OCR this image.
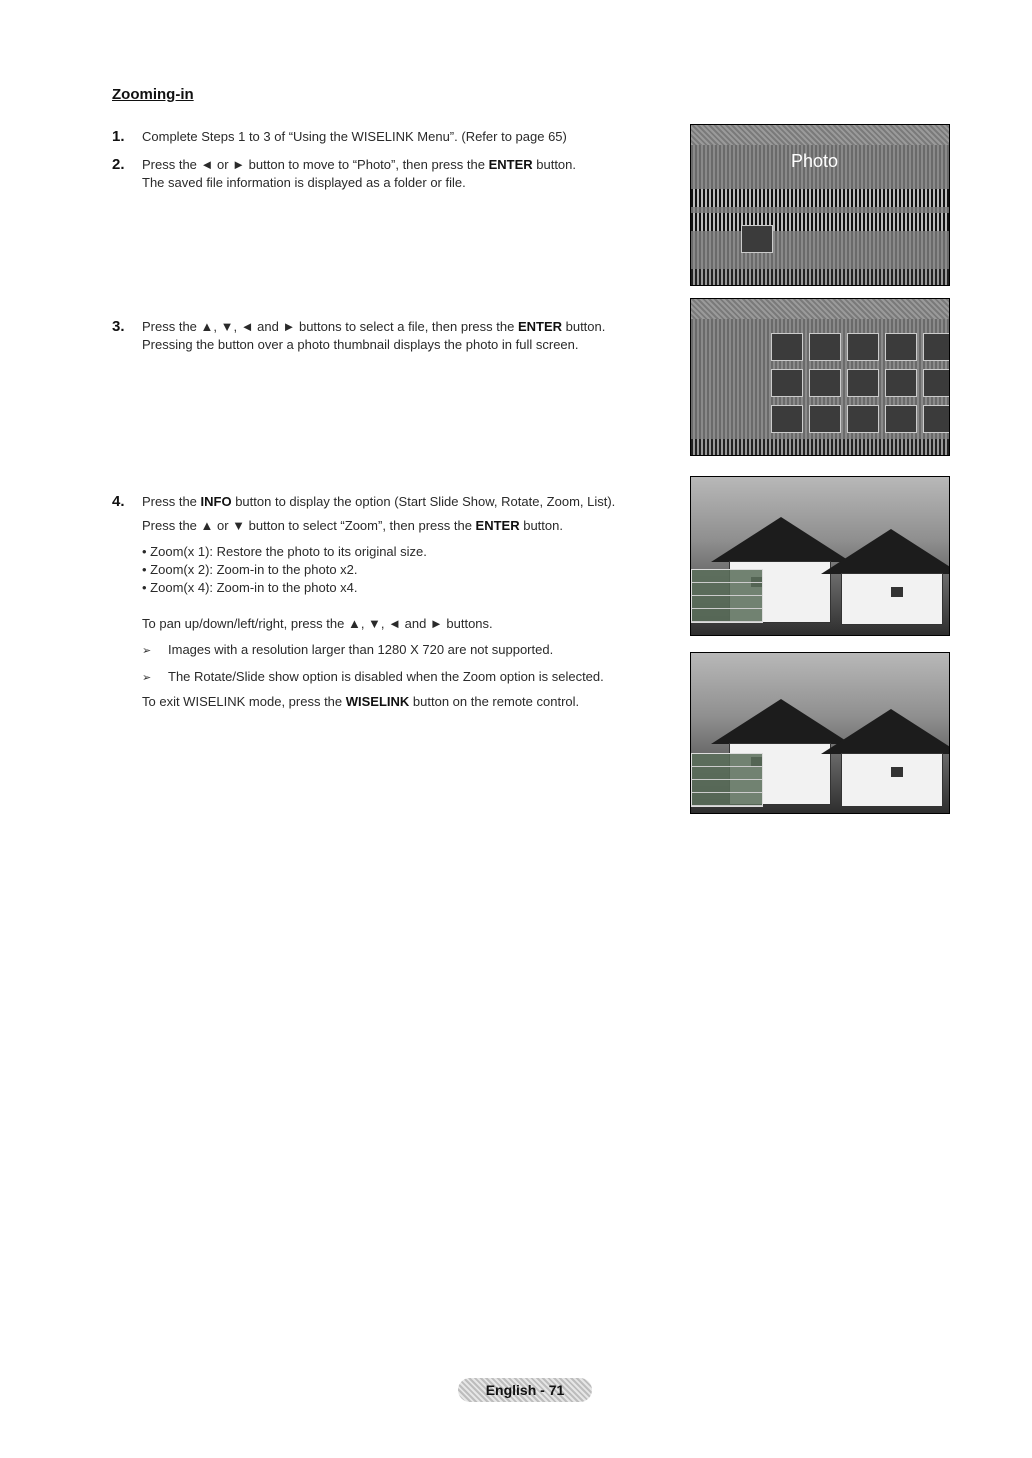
Zooming-in
1.	Complete Steps 1 to 3 of “Using the WISELINK Menu”. (Refer to page 65)
2.	Press the ◄ or ► button to move to “Photo”, then press the ENTER button.
The saved file information is displayed as a folder or file.
3.	Press the ▲, ▼, ◄ and ► buttons to select a file, then press the ENTER button.
Pressing the button over a photo thumbnail displays the photo in full screen.
4.	Press the INFO button to display the option (Start Slide Show, Rotate, Zoom, List).
Press the ▲ or ▼ button to select “Zoom”, then press the ENTER button.
• Zoom(x 1): Restore the photo to its original size.
• Zoom(x 2): Zoom-in to the photo x2.
• Zoom(x 4): Zoom-in to the photo x4.
To pan up/down/left/right, press the ▲, ▼, ◄ and ► buttons.
➢ Images with a resolution larger than 1280 X 720 are not supported.
➢ The Rotate/Slide show option is disabled when the Zoom option is selected.
To exit WISELINK mode, press the WISELINK button on the remote control.
Photo
English - 71
